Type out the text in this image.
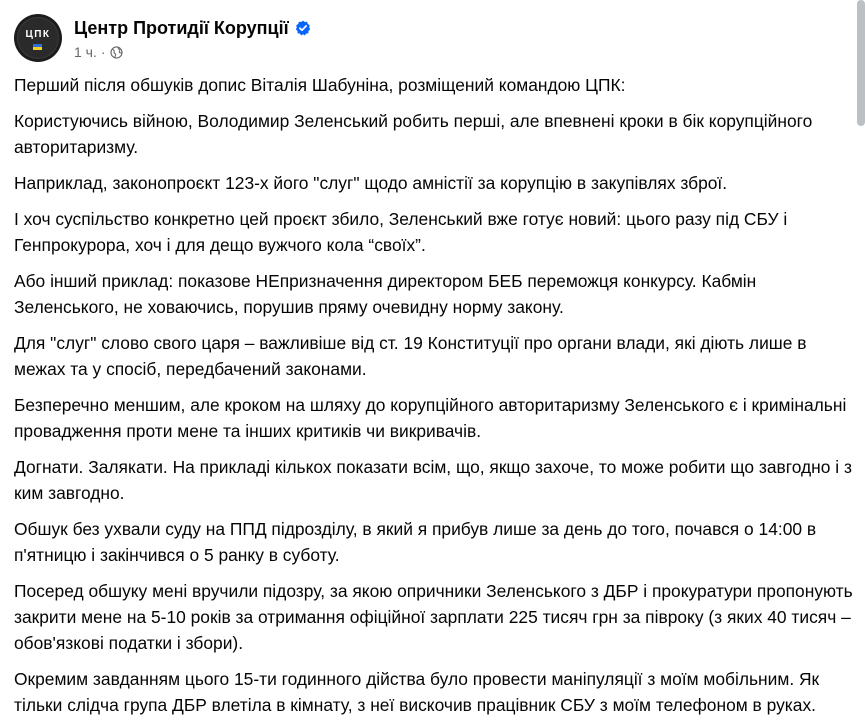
ЦПК	Центр Протидії Корупції
1 ч. ·

Перший після обшуків допис Віталія Шабуніна, розміщений командою ЦПК:

Користуючись війною, Володимир Зеленський робить перші, але впевнені кроки в бік корупційного авторитаризму.

Наприклад, законопроєкт 123-х його "слуг" щодо амністії за корупцію в закупівлях зброї.

І хоч суспільство конкретно цей проєкт збило, Зеленський вже готує новий: цього разу під СБУ і Генпрокурора, хоч і для дещо вужчого кола “своїх”.

Або інший приклад: показове НЕпризначення директором БЕБ переможця конкурсу. Кабмін Зеленського, не ховаючись, порушив пряму очевидну норму закону.

Для "слуг" слово свого царя – важливіше від ст. 19 Конституції про органи влади, які діють лише в межах та у спосіб, передбачений законами.

Безперечно меншим, але кроком на шляху до корупційного авторитаризму Зеленського є і кримінальні провадження проти мене та інших критиків чи викривачів.

Догнати. Залякати. На прикладі кількох показати всім, що, якщо захоче, то може робити що завгодно і з ким завгодно.

Обшук без ухвали суду на ППД підрозділу, в який я прибув лише за день до того, почався о 14:00 в п'ятницю і закінчився о 5 ранку в суботу.

Посеред обшуку мені вручили підозру, за якою опричники Зеленського з ДБР і прокуратури пропонують закрити мене на 5-10 років за отримання офіційної зарплати 225 тисяч грн за півроку (з яких 40 тисяч – обов'язкові податки і збори).

Окремим завданням цього 15-ти годинного дійства було провести маніпуляції з моїм мобільним. Як тільки слідча група ДБР влетіла в кімнату, з неї вискочив працівник СБУ з моїм телефоном в руках.
